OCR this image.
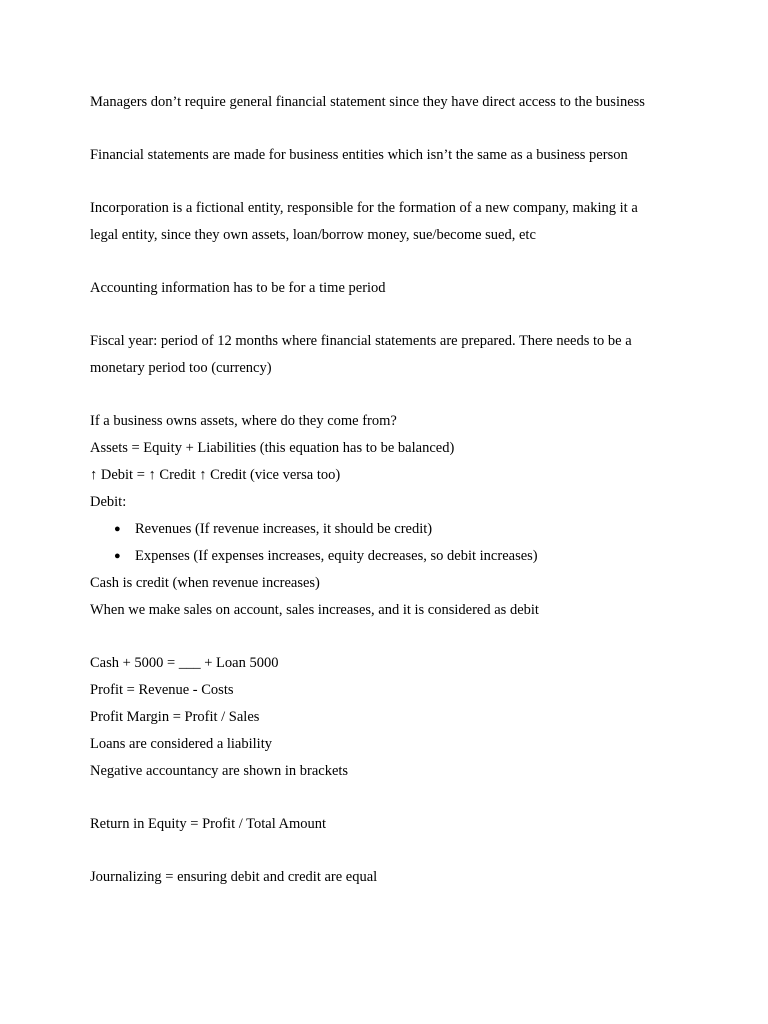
Managers don’t require general financial statement since they have direct access to the business

Financial statements are made for business entities which isn’t the same as a business person

Incorporation is a fictional entity, responsible for the formation of a new company, making it a

legal entity, since they own assets, loan/borrow money, sue/become sued, etc

Accounting information has to be for a time period

Fiscal year: period of 12 months where financial statements are prepared. There needs to be a

monetary period too (currency)

If a business owns assets, where do they come from?

Assets = Equity + Liabilities (this equation has to be balanced)

↑ Debit = ↑ Credit ↑ Credit (vice versa too)

Debit:

● Revenues (If revenue increases, it should be credit)
● Expenses (If expenses increases, equity decreases, so debit increases)

Cash is credit (when revenue increases)

When we make sales on account, sales increases, and it is considered as debit

Cash + 5000 = ___ + Loan 5000

Profit = Revenue - Costs

Profit Margin = Profit / Sales

Loans are considered a liability

Negative accountancy are shown in brackets

Return in Equity = Profit / Total Amount

Journalizing = ensuring debit and credit are equal
